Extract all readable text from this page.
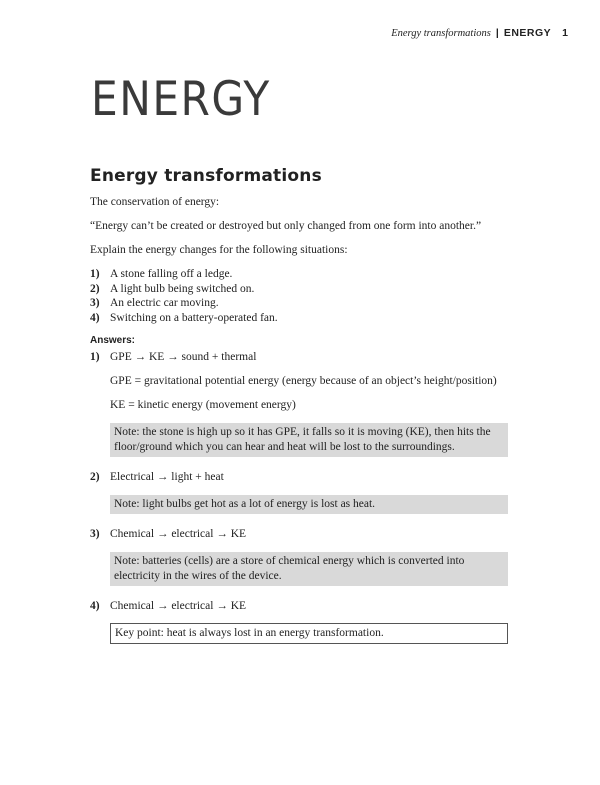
Energy transformations | ENERGY 1
ENERGY
Energy transformations

The conservation of energy:

“Energy can’t be created or destroyed but only changed from one form into another.”

Explain the energy changes for the following situations:

1) A stone falling off a ledge.
2) A light bulb being switched on.
3) An electric car moving.
4) Switching on a battery-operated fan.
Answers:
1) GPE → KE → sound + thermal
GPE = gravitational potential energy (energy because of an object’s height/position)
KE = kinetic energy (movement energy)
Note: the stone is high up so it has GPE, it falls so it is moving (KE), then hits the floor/ground which you can hear and heat will be lost to the surroundings.
2) Electrical → light + heat
Note: light bulbs get hot as a lot of energy is lost as heat.
3) Chemical → electrical → KE
Note: batteries (cells) are a store of chemical energy which is converted into electricity in the wires of the device.
4) Chemical → electrical → KE
Key point: heat is always lost in an energy transformation.
